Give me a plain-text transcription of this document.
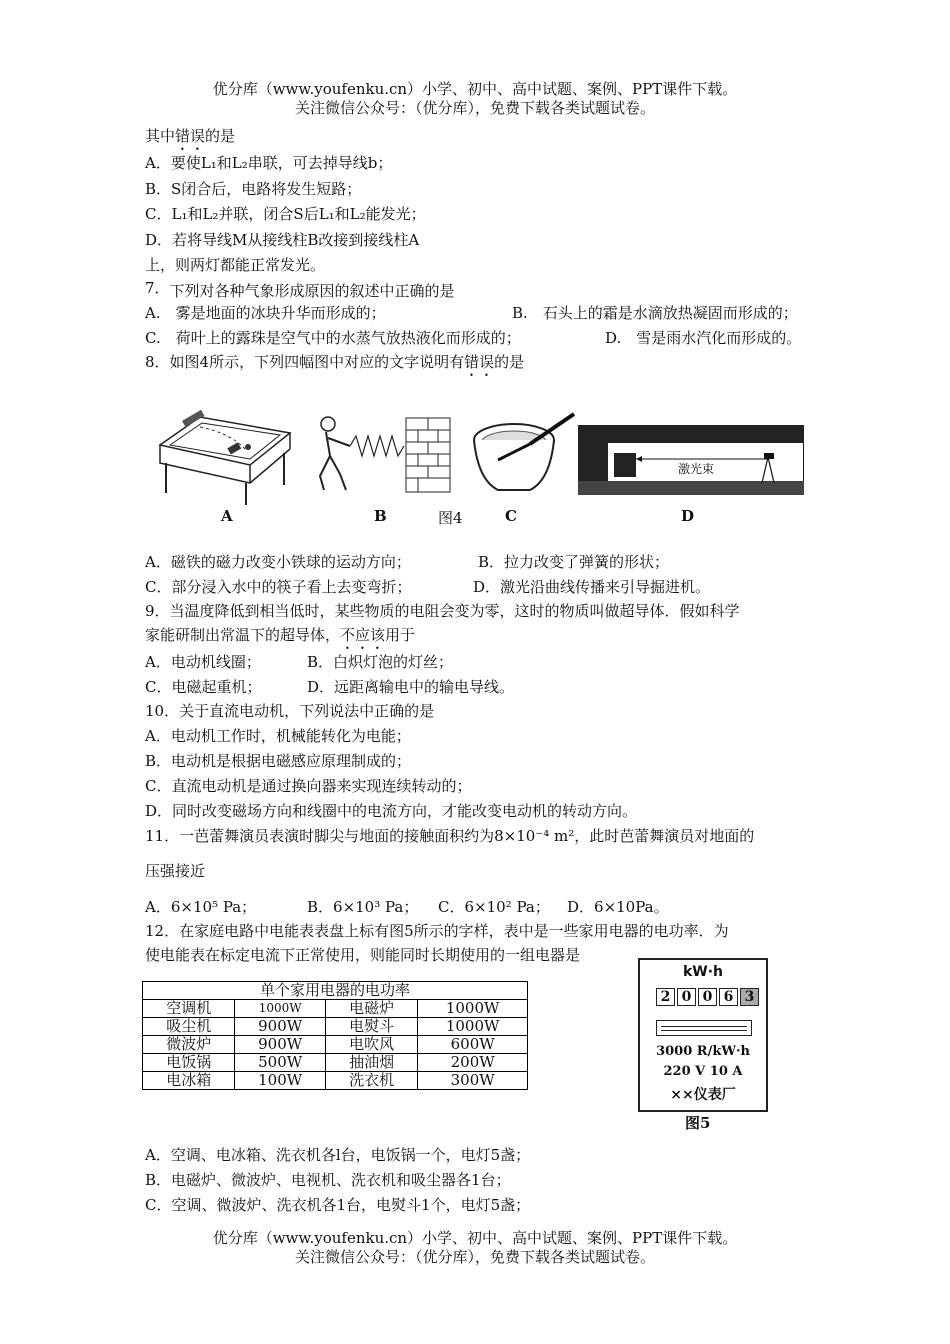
优分库（www.youfenku.cn）小学、初中、高中试题、案例、PPT课件下载。
关注微信公众号：（优分库），免费下载各类试题试卷。
其中错误的是
A．要使L₁和L₂串联，可去掉导线b；
B．S闭合后，电路将发生短路；
C．L₁和L₂并联，闭合S后L₁和L₂能发光；
D．若将导线M从接线柱B改接到接线柱A
上，则两灯都能正常发光。
7．下列对各种气象形成原因的叙述中正确的是
A.　雾是地面的冰块升华而形成的；	B.　石头上的霜是水滴放热凝固而形成的；
C.　荷叶上的露珠是空气中的水蒸气放热液化而形成的；	D.　雪是雨水汽化而形成的。
8．如图4所示，下列四幅图中对应的文字说明有错误的是
激光束
A	B	图4	C	D
A．磁铁的磁力改变小铁球的运动方向；	B．拉力改变了弹簧的形状；
C．部分浸入水中的筷子看上去变弯折；	D．激光沿曲线传播来引导掘进机。
9．当温度降低到相当低时，某些物质的电阻会变为零，这时的物质叫做超导体．假如科学
家能研制出常温下的超导体，不应该用于
A．电动机线圈；	B．白炽灯泡的灯丝；
C．电磁起重机；	D．远距离输电中的输电导线。
10．关于直流电动机，下列说法中正确的是
A．电动机工作时，机械能转化为电能；
B．电动机是根据电磁感应原理制成的；
C．直流电动机是通过换向器来实现连续转动的；
D．同时改变磁场方向和线圈中的电流方向，才能改变电动机的转动方向。
11．一芭蕾舞演员表演时脚尖与地面的接触面积约为8×10⁻⁴ m²，此时芭蕾舞演员对地面的
压强接近
A．6×10⁵ Pa；	B．6×10³ Pa； C．6×10² Pa； D．6×10Pa。
12．在家庭电路中电能表表盘上标有图5所示的字样，表中是一些家用电器的电功率．为
使电能表在标定电流下正常使用，则能同时长期使用的一组电器是
单个家用电器的电功率			
空调机	1000W	电磁炉	1000W
吸尘机	900W	电熨斗	1000W
微波炉	900W	电吹风	600W
电饭锅	500W	抽油烟	200W
电冰箱	100W	洗衣机	300W
kW·h
2 0 0 6 3
3000 R/kW·h
220 V 10 A
××仪表厂
图5
A．空调、电冰箱、洗衣机各l台，电饭锅一个，电灯5盏；
B．电磁炉、微波炉、电视机、洗衣机和吸尘器各1台；
C．空调、微波炉、洗衣机各1台，电熨斗1个，电灯5盏；
优分库（www.youfenku.cn）小学、初中、高中试题、案例、PPT课件下载。
关注微信公众号：（优分库），免费下载各类试题试卷。
